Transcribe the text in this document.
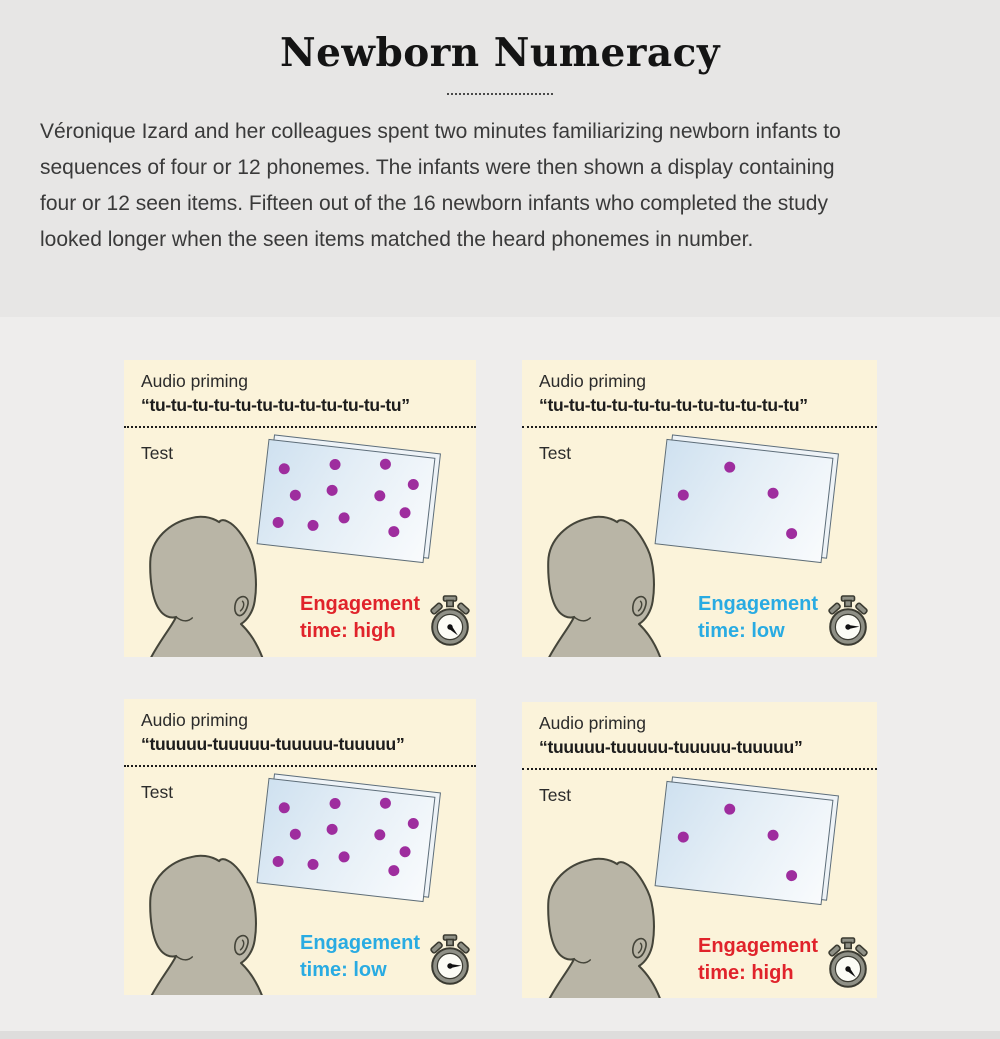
Newborn Numeracy
Véronique Izard and her colleagues spent two minutes familiarizing newborn infants to
sequences of four or 12 phonemes. The infants were then shown a display containing
four or 12 seen items. Fifteen out of the 16 newborn infants who completed the study
looked longer when the seen items matched the heard phonemes in number.
Audio priming
“tu-tu-tu-tu-tu-tu-tu-tu-tu-tu-tu-tu”
Test
Engagement
time: high
Audio priming
“tu-tu-tu-tu-tu-tu-tu-tu-tu-tu-tu-tu”
Test
Engagement
time: low
Audio priming
“tuuuuu-tuuuuu-tuuuuu-tuuuuu”
Test
Engagement
time: low
Audio priming
“tuuuuu-tuuuuu-tuuuuu-tuuuuu”
Test
Engagement
time: high
